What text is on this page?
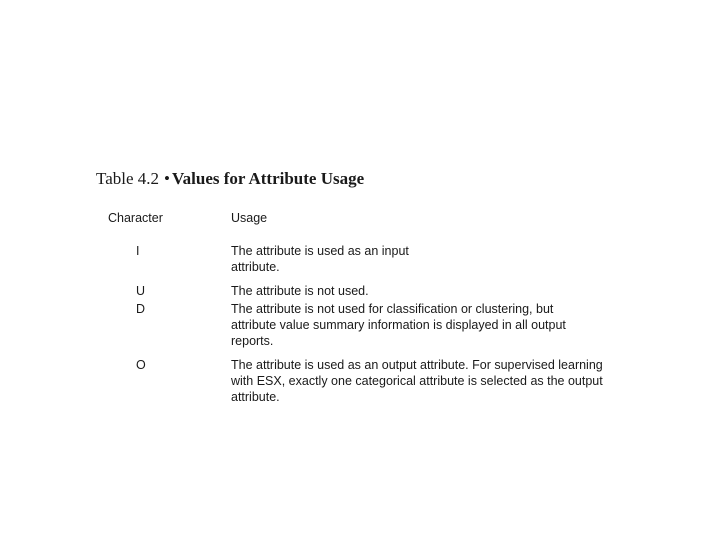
Table 4.2 • Values for Attribute Usage
Character	Usage
I	The attribute is used as an input
attribute.
U	The attribute is not used.
D	The attribute is not used for classification or clustering, but
attribute value summary information is displayed in all output
reports.
O	The attribute is used as an output attribute. For supervised learning
with ESX, exactly one categorical attribute is selected as the output
attribute.
